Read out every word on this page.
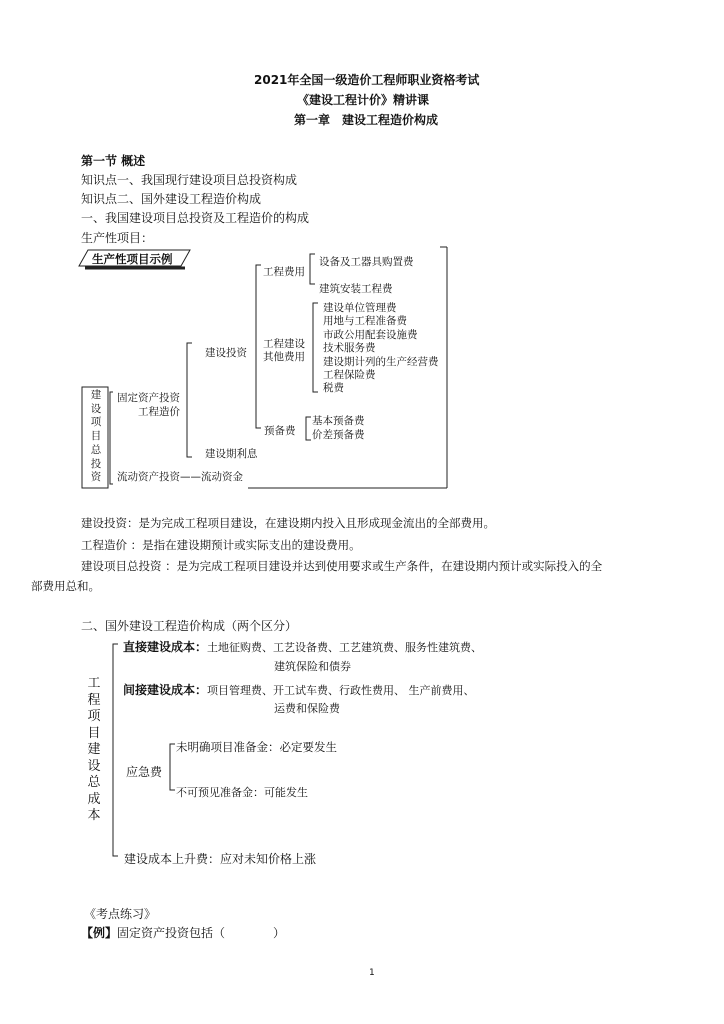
2021年全国一级造价工程师职业资格考试
《建设工程计价》精讲课
第一章　建设工程造价构成
第一节 概述
知识点一、我国现行建设项目总投资构成
知识点二、国外建设工程造价构成
一、我国建设项目总投资及工程造价的构成
生产性项目：
生产性项目示例
建
设
项
目
总
投
资
固定资产投资
工程造价
流动资产投资——流动资金
建设投资
建设期利息
工程费用
工程建设
其他费用
预备费
设备及工器具购置费
建筑安装工程费
建设单位管理费
用地与工程准备费
市政公用配套设施费
技术服务费
建设期计列的生产经营费
工程保险费
税费
基本预备费
价差预备费
建设投资：是为完成工程项目建设，在建设期内投入且形成现金流出的全部费用。
工程造价 ：是指在建设期预计或实际支出的建设费用。
建设项目总投资 ：是为完成工程项目建设并达到使用要求或生产条件，在建设期内预计或实际投入的全
部费用总和。
二、国外建设工程造价构成（两个区分）
工
程
项
目
建
设
总
成
本
直接建设成本：土地征购费、工艺设备费、工艺建筑费、服务性建筑费、
建筑保险和债券
间接建设成本：项目管理费、开工试车费、行政性费用、 生产前费用、
运费和保险费
应急费
未明确项目准备金：必定要发生
不可预见准备金：可能发生
建设成本上升费：应对未知价格上涨
《考点练习》
【例】固定资产投资包括（　　　　）
1
